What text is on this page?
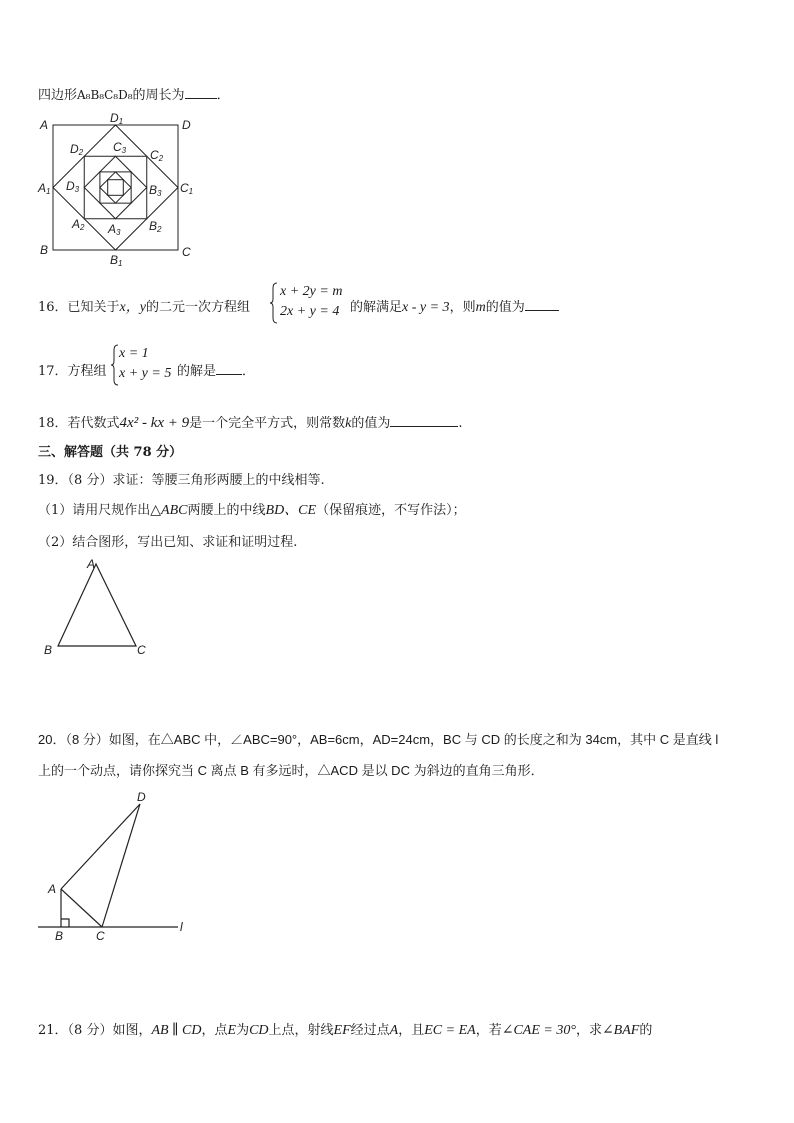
四边形A₈B₈C₈D₈的周长为 ．
A	D
B	C
D1
A1
B1
C1
D2	C2
A2	B2
C3
D3	B3
A3
16．已知关于x，y的二元一次方程组
x + 2y = m
2x + y = 4 的解满足x - y = 3，则m的值为
17．方程组
x = 1
x + y = 5 的解是 ．
18．若代数式4x² - kx + 9是一个完全平方式，则常数k的值为	.
三、解答题（共 78 分）
19．（8 分）求证：等腰三角形两腰上的中线相等.
（1）请用尺规作出△ABC两腰上的中线BD、CE（保留痕迹，不写作法）；
（2）结合图形，写出已知、求证和证明过程.
A
B	C
20．（8 分）如图，在△ABC 中，∠ABC=90°，AB=6cm，AD=24cm，BC 与 CD 的长度之和为 34cm，其中 C 是直线 l
上的一个动点，请你探究当 C 离点 B 有多远时，△ACD 是以 DC 为斜边的直角三角形．
A
B	C
D
l
21．（8 分）如图，AB ∥ CD，点E为CD上点，射线EF经过点A，且EC = EA，若∠CAE = 30°，求∠BAF的
